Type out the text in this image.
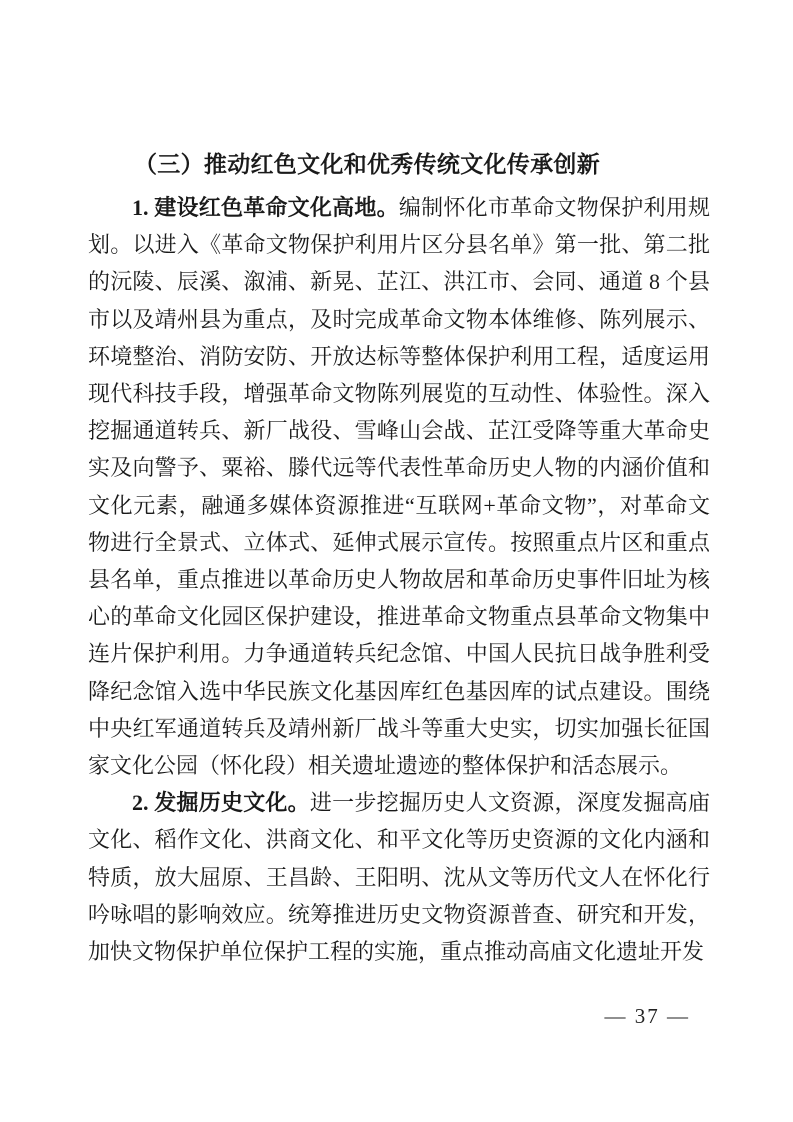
（三）推动红色文化和优秀传统文化传承创新

1. 建设红色革命文化高地。编制怀化市革命文物保护利用规划。以进入《革命文物保护利用片区分县名单》第一批、第二批的沅陵、辰溪、溆浦、新晃、芷江、洪江市、会同、通道 8 个县市以及靖州县为重点，及时完成革命文物本体维修、陈列展示、环境整治、消防安防、开放达标等整体保护利用工程，适度运用现代科技手段，增强革命文物陈列展览的互动性、体验性。深入挖掘通道转兵、新厂战役、雪峰山会战、芷江受降等重大革命史实及向警予、粟裕、滕代远等代表性革命历史人物的内涵价值和文化元素，融通多媒体资源推进“互联网+革命文物”，对革命文物进行全景式、立体式、延伸式展示宣传。按照重点片区和重点县名单，重点推进以革命历史人物故居和革命历史事件旧址为核心的革命文化园区保护建设，推进革命文物重点县革命文物集中连片保护利用。力争通道转兵纪念馆、中国人民抗日战争胜利受降纪念馆入选中华民族文化基因库红色基因库的试点建设。围绕中央红军通道转兵及靖州新厂战斗等重大史实，切实加强长征国家文化公园（怀化段）相关遗址遗迹的整体保护和活态展示。

2. 发掘历史文化。进一步挖掘历史人文资源，深度发掘高庙文化、稻作文化、洪商文化、和平文化等历史资源的文化内涵和特质，放大屈原、王昌龄、王阳明、沈从文等历代文人在怀化行吟咏唱的影响效应。统筹推进历史文物资源普查、研究和开发，加快文物保护单位保护工程的实施，重点推动高庙文化遗址开发

— 37 —
